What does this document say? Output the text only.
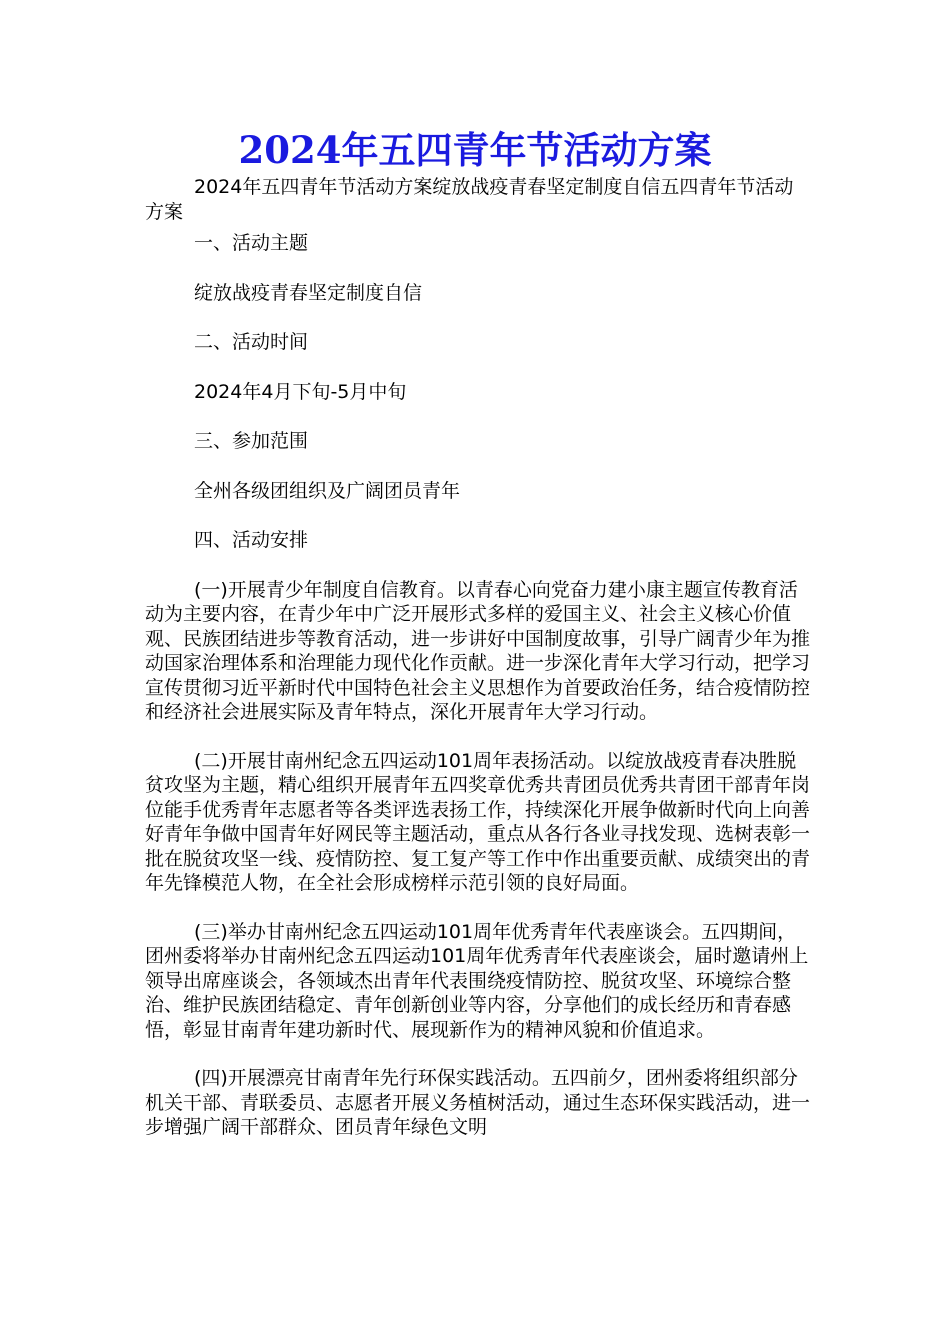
2024年五四青年节活动方案

2024年五四青年节活动方案绽放战疫青春坚定制度自信五四青年节活动方案

一、活动主题

绽放战疫青春坚定制度自信

二、活动时间

2024年4月下旬-5月中旬

三、参加范围

全州各级团组织及广阔团员青年

四、活动安排

(一)开展青少年制度自信教育。以青春心向党奋力建小康主题宣传教育活动为主要内容，在青少年中广泛开展形式多样的爱国主义、社会主义核心价值观、民族团结进步等教育活动，进一步讲好中国制度故事，引导广阔青少年为推动国家治理体系和治理能力现代化作贡献。进一步深化青年大学习行动，把学习宣传贯彻习近平新时代中国特色社会主义思想作为首要政治任务，结合疫情防控和经济社会进展实际及青年特点，深化开展青年大学习行动。

(二)开展甘南州纪念五四运动101周年表扬活动。以绽放战疫青春决胜脱贫攻坚为主题，精心组织开展青年五四奖章优秀共青团员优秀共青团干部青年岗位能手优秀青年志愿者等各类评选表扬工作，持续深化开展争做新时代向上向善好青年争做中国青年好网民等主题活动，重点从各行各业寻找发现、选树表彰一批在脱贫攻坚一线、疫情防控、复工复产等工作中作出重要贡献、成绩突出的青年先锋模范人物，在全社会形成榜样示范引领的良好局面。

(三)举办甘南州纪念五四运动101周年优秀青年代表座谈会。五四期间，团州委将举办甘南州纪念五四运动101周年优秀青年代表座谈会，届时邀请州上领导出席座谈会，各领域杰出青年代表围绕疫情防控、脱贫攻坚、环境综合整治、维护民族团结稳定、青年创新创业等内容，分享他们的成长经历和青春感悟，彰显甘南青年建功新时代、展现新作为的精神风貌和价值追求。

(四)开展漂亮甘南青年先行环保实践活动。五四前夕，团州委将组织部分机关干部、青联委员、志愿者开展义务植树活动，通过生态环保实践活动，进一步增强广阔干部群众、团员青年绿色文明
